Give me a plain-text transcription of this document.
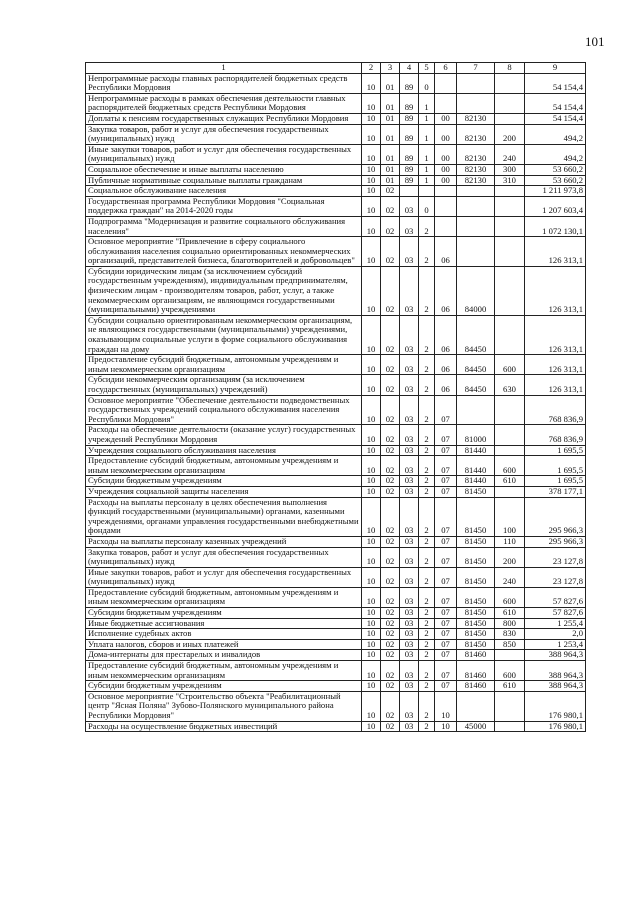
101
1	2	3	4	5	6	7	8	9
Непрограммные расходы главных распорядителей бюджетных средств Республики Мордовия	10	01	89	0				54 154,4
Непрограммные расходы в рамках обеспечения деятельности главных распорядителей бюджетных средств Республики Мордовия	10	01	89	1				54 154,4
Доплаты к пенсиям государственных служащих Республики Мордовия	10	01	89	1	00	82130		54 154,4
Закупка товаров, работ и услуг для обеспечения государственных (муниципальных) нужд	10	01	89	1	00	82130	200	494,2
Иные закупки товаров, работ и услуг для обеспечения государственных (муниципальных) нужд	10	01	89	1	00	82130	240	494,2
Социальное обеспечение и иные выплаты населению	10	01	89	1	00	82130	300	53 660,2
Публичные нормативные социальные выплаты гражданам	10	01	89	1	00	82130	310	53 660,2
Социальное обслуживание населения	10	02						1 211 973,8
Государственная программа Республики Мордовия "Социальная поддержка граждан" на 2014-2020 годы	10	02	03	0				1 207 603,4
Подпрограмма "Модернизация и развитие социального обслуживания населения"	10	02	03	2				1 072 130,1
Основное мероприятие "Привлечение в сферу социального обслуживания населения социально ориентированных некоммерческих организаций, представителей бизнеса, благотворителей и добровольцев"	10	02	03	2	06			126 313,1
Субсидии юридическим лицам (за исключением субсидий государственным учреждениям), индивидуальным предпринимателям, физическим лицам - производителям товаров, работ, услуг, а также некоммерческим организациям, не являющимся государственными (муниципальными) учреждениями	10	02	03	2	06	84000		126 313,1
Субсидии социально ориентированным некоммерческим организациям, не являющимся государственными (муниципальными) учреждениями, оказывающим социальные услуги в форме социального обслуживания граждан на дому	10	02	03	2	06	84450		126 313,1
Предоставление субсидий бюджетным, автономным учреждениям и иным некоммерческим организациям	10	02	03	2	06	84450	600	126 313,1
Субсидии некоммерческим организациям (за исключением государственных (муниципальных) учреждений)	10	02	03	2	06	84450	630	126 313,1
Основное мероприятие "Обеспечение деятельности подведомственных государственных учреждений социального обслуживания населения Республики Мордовия"	10	02	03	2	07			768 836,9
Расходы на обеспечение деятельности (оказание услуг) государственных учреждений Республики Мордовия	10	02	03	2	07	81000		768 836,9
Учреждения социального обслуживания населения	10	02	03	2	07	81440		1 695,5
Предоставление субсидий бюджетным, автономным учреждениям и иным некоммерческим организациям	10	02	03	2	07	81440	600	1 695,5
Субсидии бюджетным учреждениям	10	02	03	2	07	81440	610	1 695,5
Учреждения социальной защиты населения	10	02	03	2	07	81450		378 177,1
Расходы на выплаты персоналу в целях обеспечения выполнения функций государственными (муниципальными) органами, казенными учреждениями, органами управления государственными внебюджетными фондами	10	02	03	2	07	81450	100	295 966,3
Расходы на выплаты персоналу казенных учреждений	10	02	03	2	07	81450	110	295 966,3
Закупка товаров, работ и услуг для обеспечения государственных (муниципальных) нужд	10	02	03	2	07	81450	200	23 127,8
Иные закупки товаров, работ и услуг для обеспечения государственных (муниципальных) нужд	10	02	03	2	07	81450	240	23 127,8
Предоставление субсидий бюджетным, автономным учреждениям и иным некоммерческим организациям	10	02	03	2	07	81450	600	57 827,6
Субсидии бюджетным учреждениям	10	02	03	2	07	81450	610	57 827,6
Иные бюджетные ассигнования	10	02	03	2	07	81450	800	1 255,4
Исполнение судебных актов	10	02	03	2	07	81450	830	2,0
Уплата налогов, сборов и иных платежей	10	02	03	2	07	81450	850	1 253,4
Дома-интернаты для престарелых и инвалидов	10	02	03	2	07	81460		388 964,3
Предоставление субсидий бюджетным, автономным учреждениям и иным некоммерческим организациям	10	02	03	2	07	81460	600	388 964,3
Субсидии бюджетным учреждениям	10	02	03	2	07	81460	610	388 964,3
Основное мероприятие "Строительство объекта "Реабилитационный центр "Ясная Поляна" Зубово-Полянского муниципального района Республики Мордовия"	10	02	03	2	10			176 980,1
Расходы на осуществление бюджетных инвестиций	10	02	03	2	10	45000		176 980,1
